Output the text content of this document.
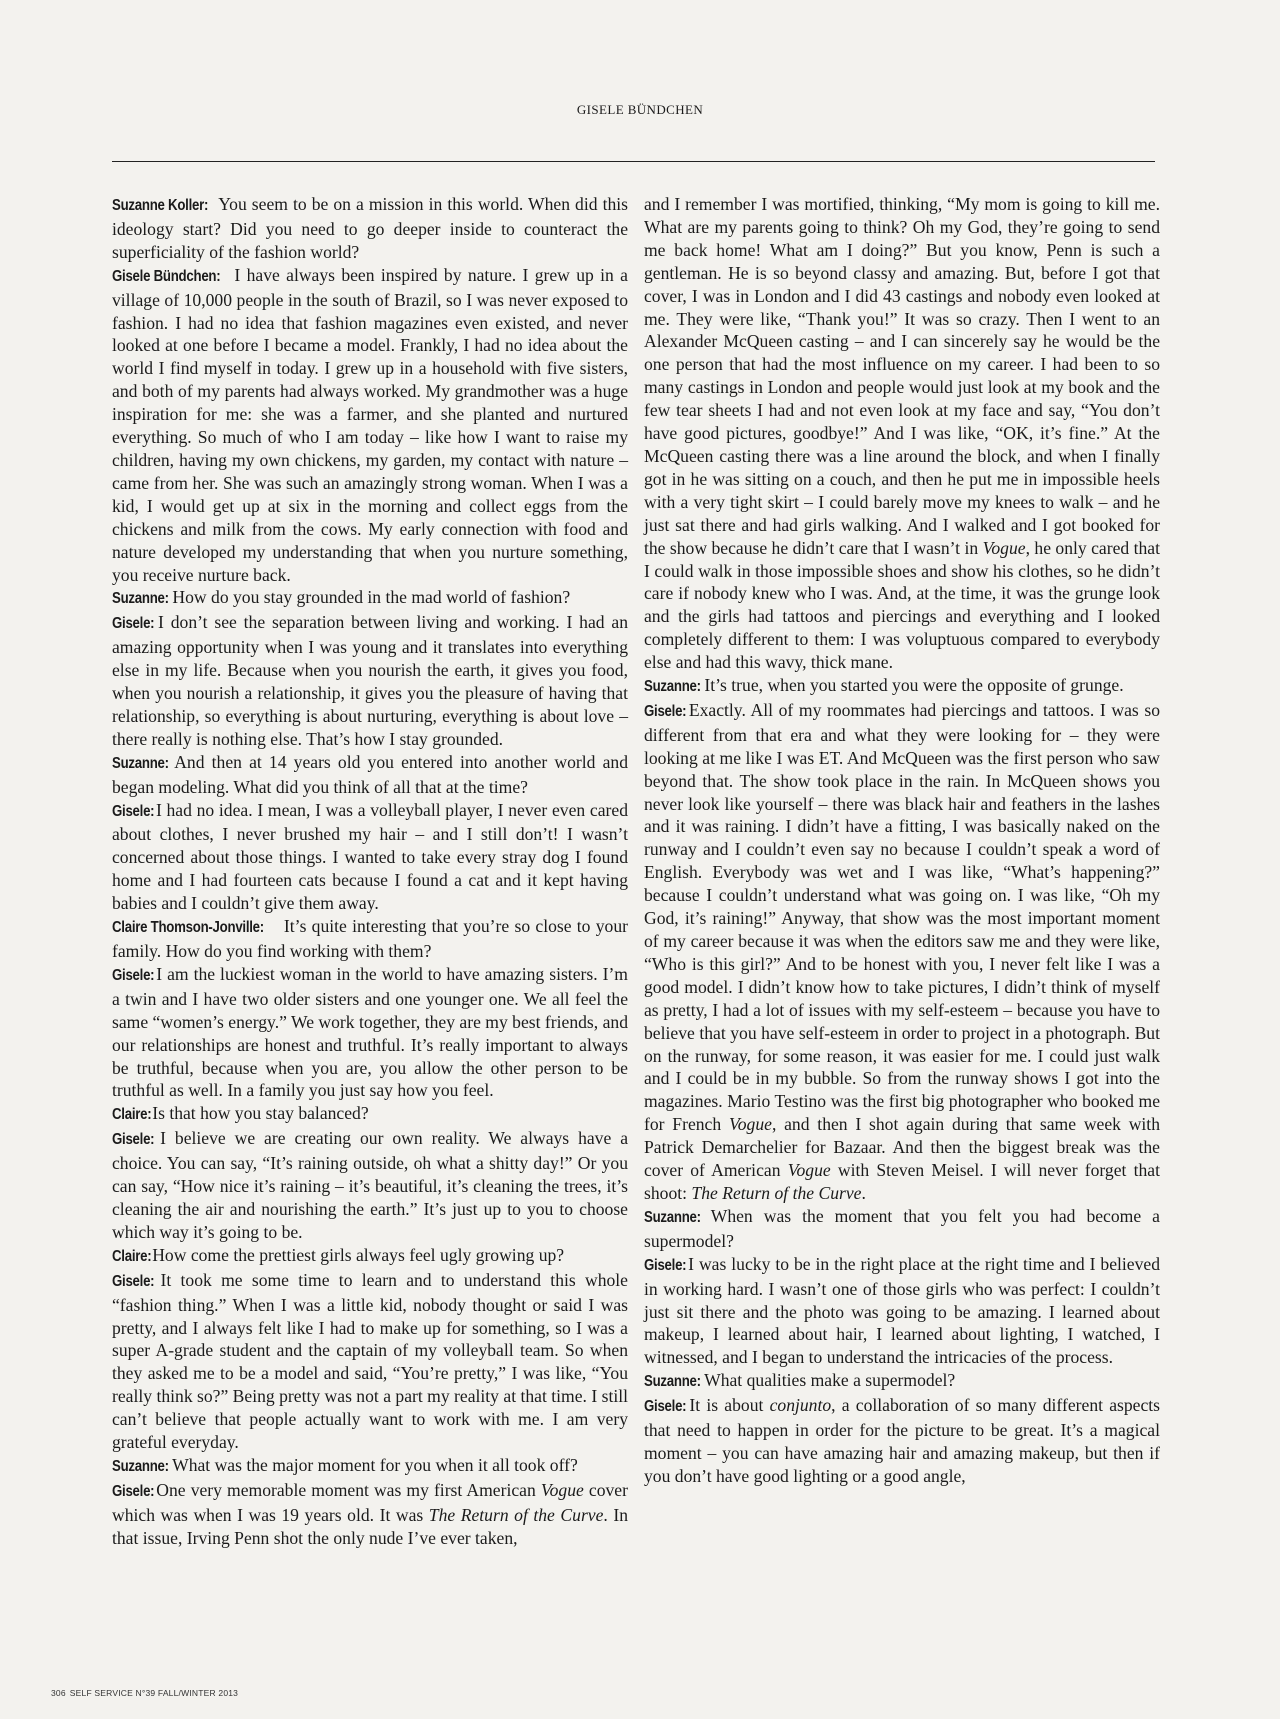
GISELE BÜNDCHEN

Suzanne Koller: You seem to be on a mission in this world. When did this ideology start? Did you need to go deeper inside to counteract the superficiality of the fashion world?

Gisele Bündchen: I have always been inspired by nature. I grew up in a village of 10,000 people in the south of Brazil, so I was never exposed to fashion. I had no idea that fashion magazines even existed, and never looked at one before I became a model. Frankly, I had no idea about the world I find myself in today. I grew up in a household with five sisters, and both of my parents had always worked. My grandmother was a huge inspiration for me: she was a farmer, and she planted and nurtured everything. So much of who I am today – like how I want to raise my children, having my own chickens, my garden, my contact with nature – came from her. She was such an amazingly strong woman. When I was a kid, I would get up at six in the morning and collect eggs from the chickens and milk from the cows. My early connection with food and nature developed my understanding that when you nurture something, you receive nurture back.

Suzanne: How do you stay grounded in the mad world of fashion?

Gisele: I don’t see the separation between living and working. I had an amazing opportunity when I was young and it translates into everything else in my life. Because when you nourish the earth, it gives you food, when you nourish a relationship, it gives you the pleasure of having that relationship, so everything is about nurturing, everything is about love – there really is nothing else. That’s how I stay grounded.

Suzanne: And then at 14 years old you entered into another world and began modeling. What did you think of all that at the time?

Gisele: I had no idea. I mean, I was a volleyball player, I never even cared about clothes, I never brushed my hair – and I still don’t! I wasn’t concerned about those things. I wanted to take every stray dog I found home and I had fourteen cats because I found a cat and it kept having babies and I couldn’t give them away.

Claire Thomson-Jonville: It’s quite interesting that you’re so close to your family. How do you find working with them?

Gisele: I am the luckiest woman in the world to have amazing sisters. I’m a twin and I have two older sisters and one younger one. We all feel the same “women’s energy.” We work together, they are my best friends, and our relationships are honest and truthful. It’s really important to always be truthful, because when you are, you allow the other person to be truthful as well. In a family you just say how you feel.

Claire: Is that how you stay balanced?

Gisele: I believe we are creating our own reality. We always have a choice. You can say, “It’s raining outside, oh what a shitty day!” Or you can say, “How nice it’s raining – it’s beautiful, it’s cleaning the trees, it’s cleaning the air and nourishing the earth.” It’s just up to you to choose which way it’s going to be.

Claire: How come the prettiest girls always feel ugly growing up?

Gisele: It took me some time to learn and to understand this whole “fashion thing.” When I was a little kid, nobody thought or said I was pretty, and I always felt like I had to make up for something, so I was a super A-grade student and the captain of my volleyball team. So when they asked me to be a model and said, “You’re pretty,” I was like, “You really think so?” Being pretty was not a part my reality at that time. I still can’t believe that people actually want to work with me. I am very grateful everyday.

Suzanne: What was the major moment for you when it all took off?

Gisele: One very memorable moment was my first American Vogue cover which was when I was 19 years old. It was The Return of the Curve. In that issue, Irving Penn shot the only nude I’ve ever taken,

and I remember I was mortified, thinking, “My mom is going to kill me. What are my parents going to think? Oh my God, they’re going to send me back home! What am I doing?” But you know, Penn is such a gentleman. He is so beyond classy and amazing. But, before I got that cover, I was in London and I did 43 castings and nobody even looked at me. They were like, “Thank you!” It was so crazy. Then I went to an Alexander McQueen casting – and I can sincerely say he would be the one person that had the most influence on my career. I had been to so many castings in London and people would just look at my book and the few tear sheets I had and not even look at my face and say, “You don’t have good pictures, goodbye!” And I was like, “OK, it’s fine.” At the McQueen casting there was a line around the block, and when I finally got in he was sitting on a couch, and then he put me in impossible heels with a very tight skirt – I could barely move my knees to walk – and he just sat there and had girls walking. And I walked and I got booked for the show because he didn’t care that I wasn’t in Vogue, he only cared that I could walk in those impossible shoes and show his clothes, so he didn’t care if nobody knew who I was. And, at the time, it was the grunge look and the girls had tattoos and piercings and everything and I looked completely different to them: I was voluptuous compared to everybody else and had this wavy, thick mane.

Suzanne: It’s true, when you started you were the opposite of grunge.

Gisele: Exactly. All of my roommates had piercings and tattoos. I was so different from that era and what they were looking for – they were looking at me like I was ET. And McQueen was the first person who saw beyond that. The show took place in the rain. In McQueen shows you never look like yourself – there was black hair and feathers in the lashes and it was raining. I didn’t have a fitting, I was basically naked on the runway and I couldn’t even say no because I couldn’t speak a word of English. Everybody was wet and I was like, “What’s happening?” because I couldn’t understand what was going on. I was like, “Oh my God, it’s raining!” Anyway, that show was the most important moment of my career because it was when the editors saw me and they were like, “Who is this girl?” And to be honest with you, I never felt like I was a good model. I didn’t know how to take pictures, I didn’t think of myself as pretty, I had a lot of issues with my self-esteem – because you have to believe that you have self-esteem in order to project in a photograph. But on the runway, for some reason, it was easier for me. I could just walk and I could be in my bubble. So from the runway shows I got into the magazines. Mario Testino was the first big photographer who booked me for French Vogue, and then I shot again during that same week with Patrick Demarchelier for Bazaar. And then the biggest break was the cover of American Vogue with Steven Meisel. I will never forget that shoot: The Return of the Curve.

Suzanne: When was the moment that you felt you had become a supermodel?

Gisele: I was lucky to be in the right place at the right time and I believed in working hard. I wasn’t one of those girls who was perfect: I couldn’t just sit there and the photo was going to be amazing. I learned about makeup, I learned about hair, I learned about lighting, I watched, I witnessed, and I began to understand the intricacies of the process.

Suzanne: What qualities make a supermodel?

Gisele: It is about conjunto, a collaboration of so many different aspects that need to happen in order for the picture to be great. It’s a magical moment – you can have amazing hair and amazing makeup, but then if you don’t have good lighting or a good angle,

306 SELF SERVICE N°39 FALL/WINTER 2013
